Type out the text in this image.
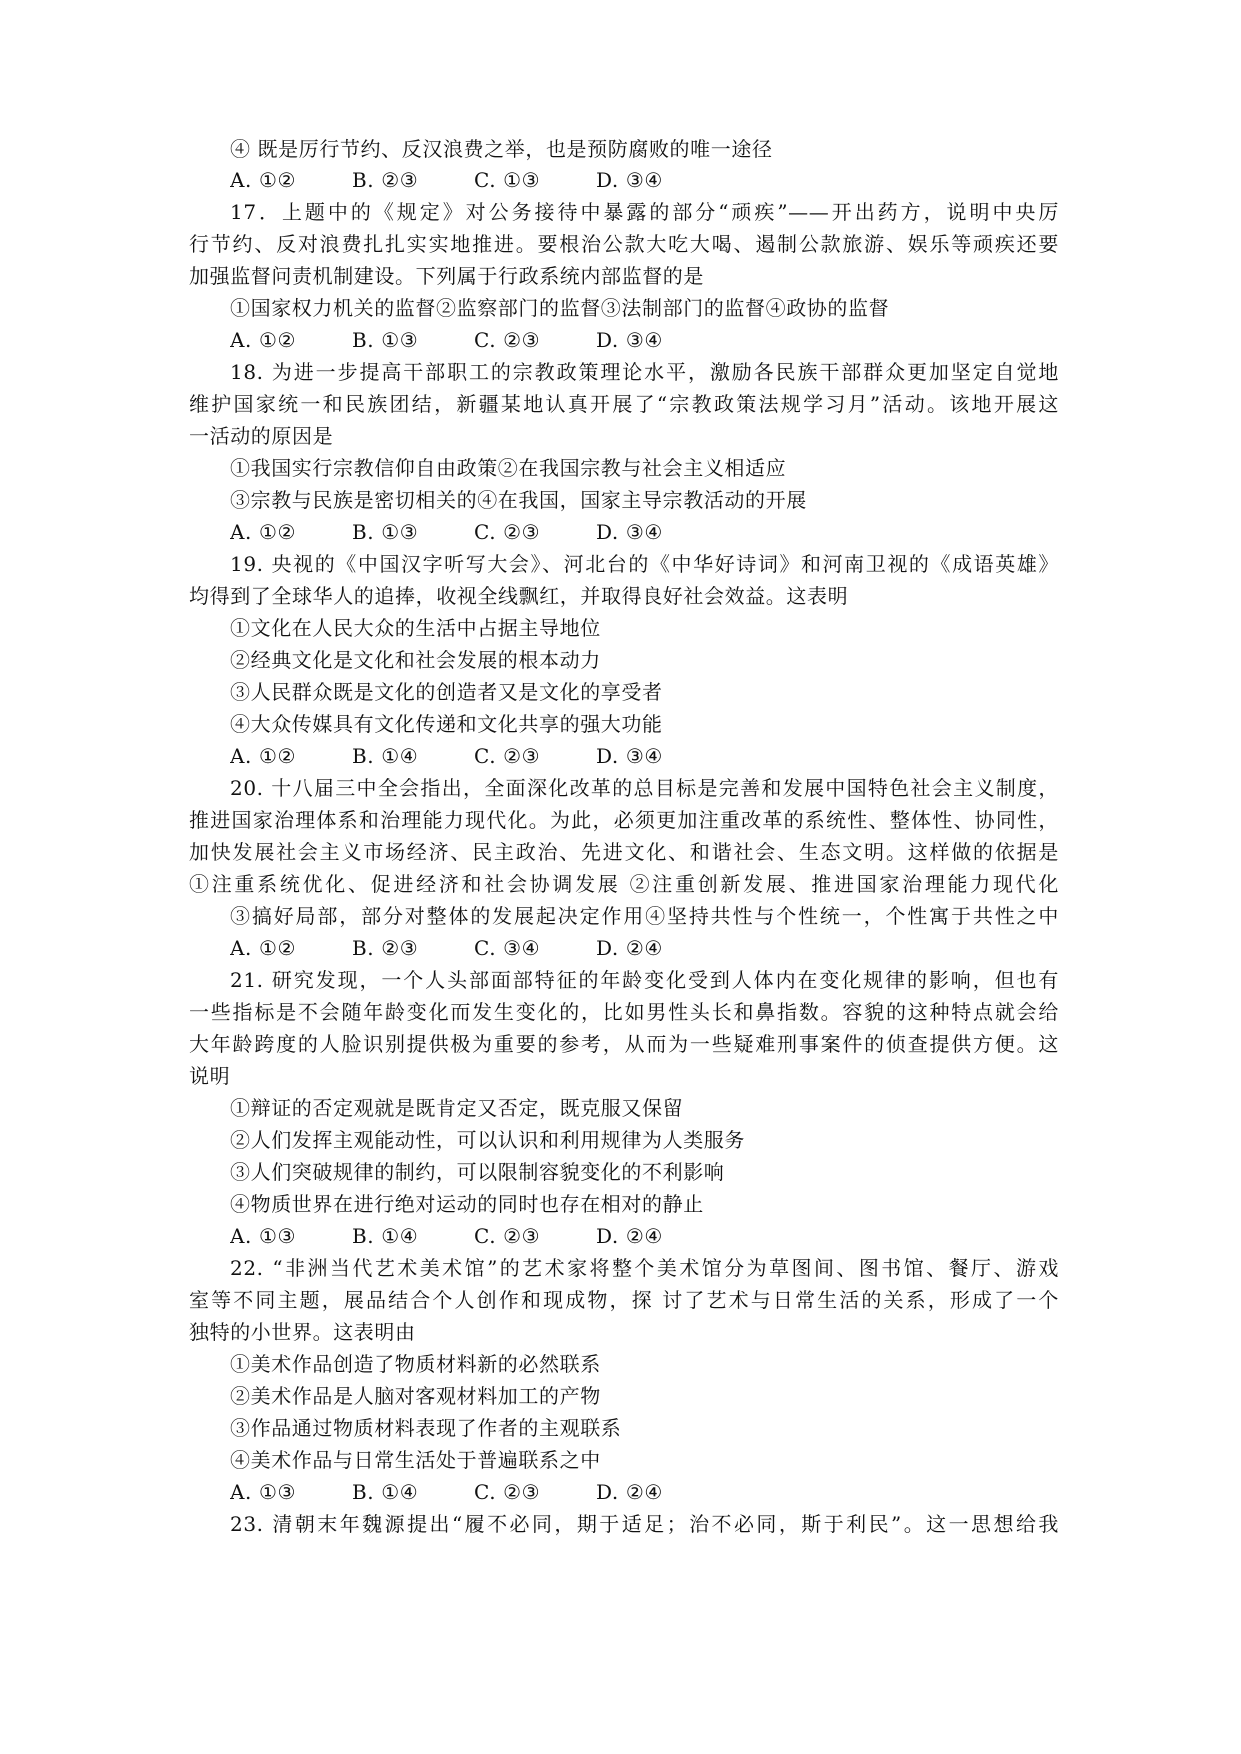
④ 既是厉行节约、反汉浪费之举，也是预防腐败的唯一途径
A. ①②	B. ②③	C. ①③	D. ③④
17．上题中的《规定》对公务接待中暴露的部分“顽疾”——开出药方，说明中央厉
行节约、反对浪费扎扎实实地推进。要根治公款大吃大喝、遏制公款旅游、娱乐等顽疾还要
加强监督问责机制建设。下列属于行政系统内部监督的是
①国家权力机关的监督②监察部门的监督③法制部门的监督④政协的监督
A. ①②	B. ①③	C. ②③	D. ③④
18. 为进一步提高干部职工的宗教政策理论水平，激励各民族干部群众更加坚定自觉地
维护国家统一和民族团结，新疆某地认真开展了“宗教政策法规学习月”活动。该地开展这
一活动的原因是
①我国实行宗教信仰自由政策②在我国宗教与社会主义相适应
③宗教与民族是密切相关的④在我国，国家主导宗教活动的开展
A. ①②	B. ①③	C. ②③	D. ③④
19. 央视的《中国汉字听写大会》、河北台的《中华好诗词》和河南卫视的《成语英雄》
均得到了全球华人的追捧，收视全线飘红，并取得良好社会效益。这表明
①文化在人民大众的生活中占据主导地位
②经典文化是文化和社会发展的根本动力
③人民群众既是文化的创造者又是文化的享受者
④大众传媒具有文化传递和文化共享的强大功能
A. ①②	B. ①④	C. ②③	D. ③④
20. 十八届三中全会指出，全面深化改革的总目标是完善和发展中国特色社会主义制度，
推进国家治理体系和治理能力现代化。为此，必须更加注重改革的系统性、整体性、协同性，
加快发展社会主义市场经济、民主政治、先进文化、和谐社会、生态文明。这样做的依据是
①注重系统优化、促进经济和社会协调发展 ②注重创新发展、推进国家治理能力现代化
③搞好局部，部分对整体的发展起决定作用④坚持共性与个性统一，个性寓于共性之中
A. ①②	B. ②③	C. ③④	D. ②④
21. 研究发现，一个人头部面部特征的年龄变化受到人体内在变化规律的影响，但也有
一些指标是不会随年龄变化而发生变化的，比如男性头长和鼻指数。容貌的这种特点就会给
大年龄跨度的人脸识别提供极为重要的参考，从而为一些疑难刑事案件的侦查提供方便。这
说明
①辩证的否定观就是既肯定又否定，既克服又保留
②人们发挥主观能动性，可以认识和利用规律为人类服务
③人们突破规律的制约，可以限制容貌变化的不利影响
④物质世界在进行绝对运动的同时也存在相对的静止
A. ①③	B. ①④	C. ②③	D. ②④
22. “非洲当代艺术美术馆”的艺术家将整个美术馆分为草图间、图书馆、餐厅、游戏
室等不同主题，展品结合个人创作和现成物，探 讨了艺术与日常生活的关系，形成了一个
独特的小世界。这表明由
①美术作品创造了物质材料新的必然联系
②美术作品是人脑对客观材料加工的产物
③作品通过物质材料表现了作者的主观联系
④美术作品与日常生活处于普遍联系之中
A. ①③	B. ①④	C. ②③	D. ②④
23. 清朝末年魏源提出“履不必同，期于适足；治不必同，斯于利民”。这一思想给我
